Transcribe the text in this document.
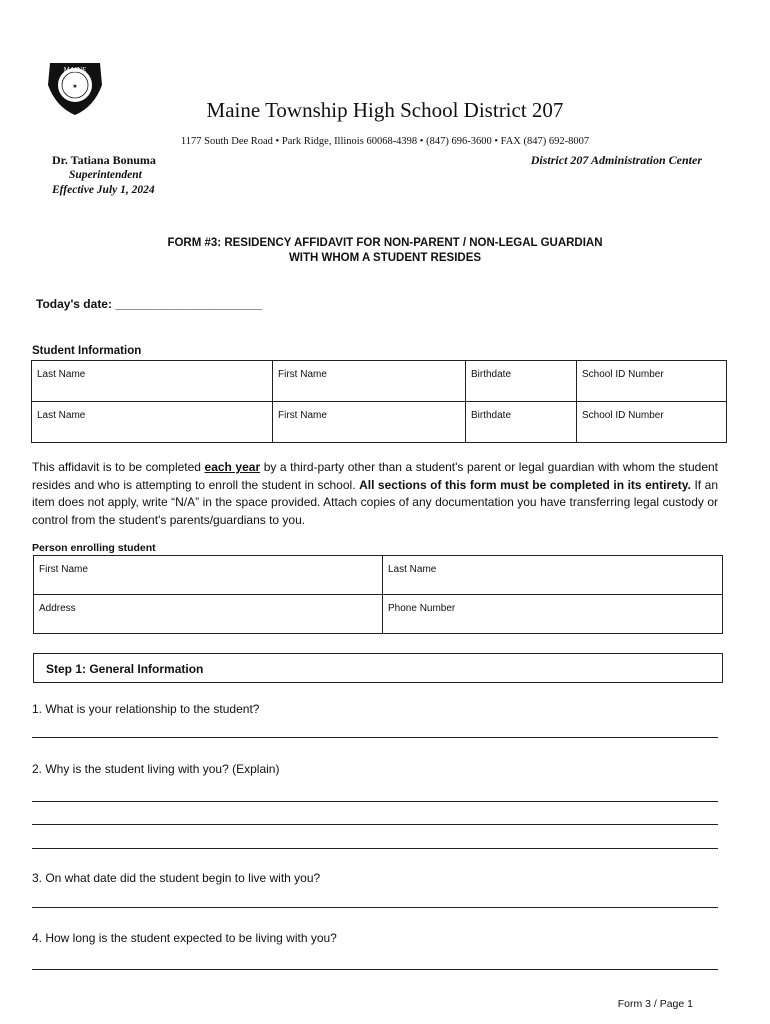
MAINE
★
Maine Township High School District 207
1177 South Dee Road • Park Ridge, Illinois 60068-4398 • (847) 696-3600 • FAX (847) 692-8007
Dr. Tatiana Bonuma
Superintendent
Effective July 1, 2024
District 207 Administration Center
FORM #3: RESIDENCY AFFIDAVIT FOR NON-PARENT / NON-LEGAL GUARDIAN
WITH WHOM A STUDENT RESIDES
Today's date: ______________________
Student Information
Last Name	First Name	Birthdate	School ID Number
Last Name	First Name	Birthdate	School ID Number
This affidavit is to be completed each year by a third-party other than a student's parent or legal guardian with whom the student resides and who is attempting to enroll the student in school. All sections of this form must be completed in its entirety. If an item does not apply, write “N/A” in the space provided. Attach copies of any documentation you have transferring legal custody or control from the student's parents/guardians to you.
Person enrolling student
First Name	Last Name
Address	Phone Number
Step 1: General Information
1. What is your relationship to the student?
2. Why is the student living with you? (Explain)
3. On what date did the student begin to live with you?
4. How long is the student expected to be living with you?
Form 3 / Page 1
